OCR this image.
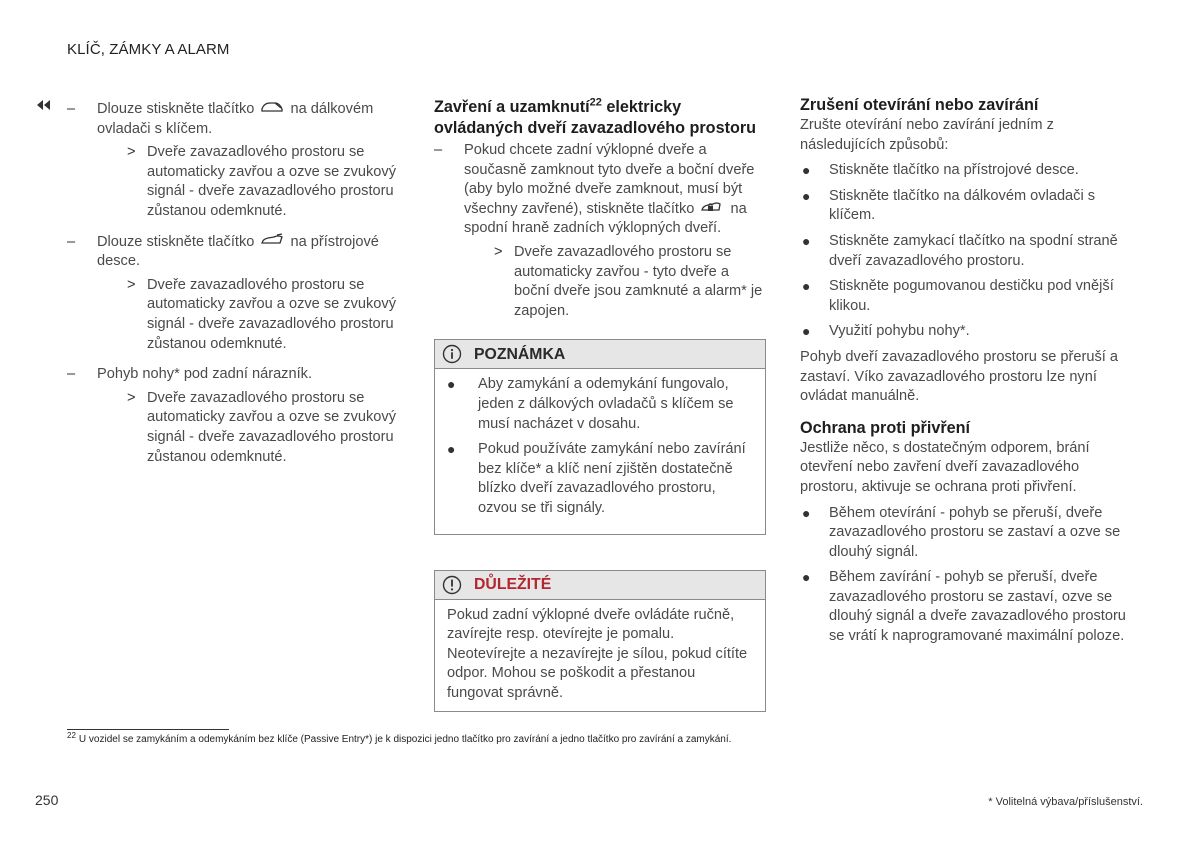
KLÍČ, ZÁMKY A ALARM
–
Dlouze stiskněte tlačítko  na dálkovém ovladači s klíčem.
> Dveře zavazadlového prostoru se automaticky zavřou a ozve se zvukový signál - dveře zavazadlového prostoru zůstanou odemknuté.
–
Dlouze stiskněte tlačítko  na přístrojové desce.
> Dveře zavazadlového prostoru se automaticky zavřou a ozve se zvukový signál - dveře zavazadlového prostoru zůstanou odemknuté.
–
Pohyb nohy* pod zadní nárazník.
> Dveře zavazadlového prostoru se automaticky zavřou a ozve se zvukový signál - dveře zavazadlového prostoru zůstanou odemknuté.
Zavření a uzamknutí$^{22}$ elektricky ovládaných dveří zavazadlového prostoru
–
Pokud chcete zadní výklopné dveře a současně zamknout tyto dveře a boční dveře (aby bylo možné dveře zamknout, musí být všechny zavřené), stiskněte tlačítko  na spodní hraně zadních výklopných dveří.
> Dveře zavazadlového prostoru se automaticky zavřou - tyto dveře a boční dveře jsou zamknuté a alarm* je zapojen.
POZNÁMKA
● Aby zamykání a odemykání fungovalo, jeden z dálkových ovladačů s klíčem se musí nacházet v dosahu.
● Pokud používáte zamykání nebo zavírání bez klíče* a klíč není zjištěn dostatečně blízko dveří zavazadlového prostoru, ozvou se tři signály.
DŮLEŽITÉ
Pokud zadní výklopné dveře ovládáte ručně, zavírejte resp. otevírejte je pomalu. Neotevírejte a nezavírejte je sílou, pokud cítíte odpor. Mohou se poškodit a přestanou fungovat správně.
Zrušení otevírání nebo zavírání
Zrušte otevírání nebo zavírání jedním z následujících způsobů:
● Stiskněte tlačítko na přístrojové desce.
● Stiskněte tlačítko na dálkovém ovladači s klíčem.
● Stiskněte zamykací tlačítko na spodní straně dveří zavazadlového prostoru.
● Stiskněte pogumovanou destičku pod vnější klikou.
● Využití pohybu nohy*.
Pohyb dveří zavazadlového prostoru se přeruší a zastaví. Víko zavazadlového prostoru lze nyní ovládat manuálně.
Ochrana proti přivření
Jestliže něco, s dostatečným odporem, brání otevření nebo zavření dveří zavazadlového prostoru, aktivuje se ochrana proti přivření.
● Během otevírání - pohyb se přeruší, dveře zavazadlového prostoru se zastaví a ozve se dlouhý signál.
● Během zavírání - pohyb se přeruší, dveře zavazadlového prostoru se zastaví, ozve se dlouhý signál a dveře zavazadlového prostoru se vrátí k naprogramované maximální poloze.
$^{22}$ U vozidel se zamykáním a odemykáním bez klíče (Passive Entry*) je k dispozici jedno tlačítko pro zavírání a jedno tlačítko pro zavírání a zamykání.
250	* Volitelná výbava/příslušenství.
